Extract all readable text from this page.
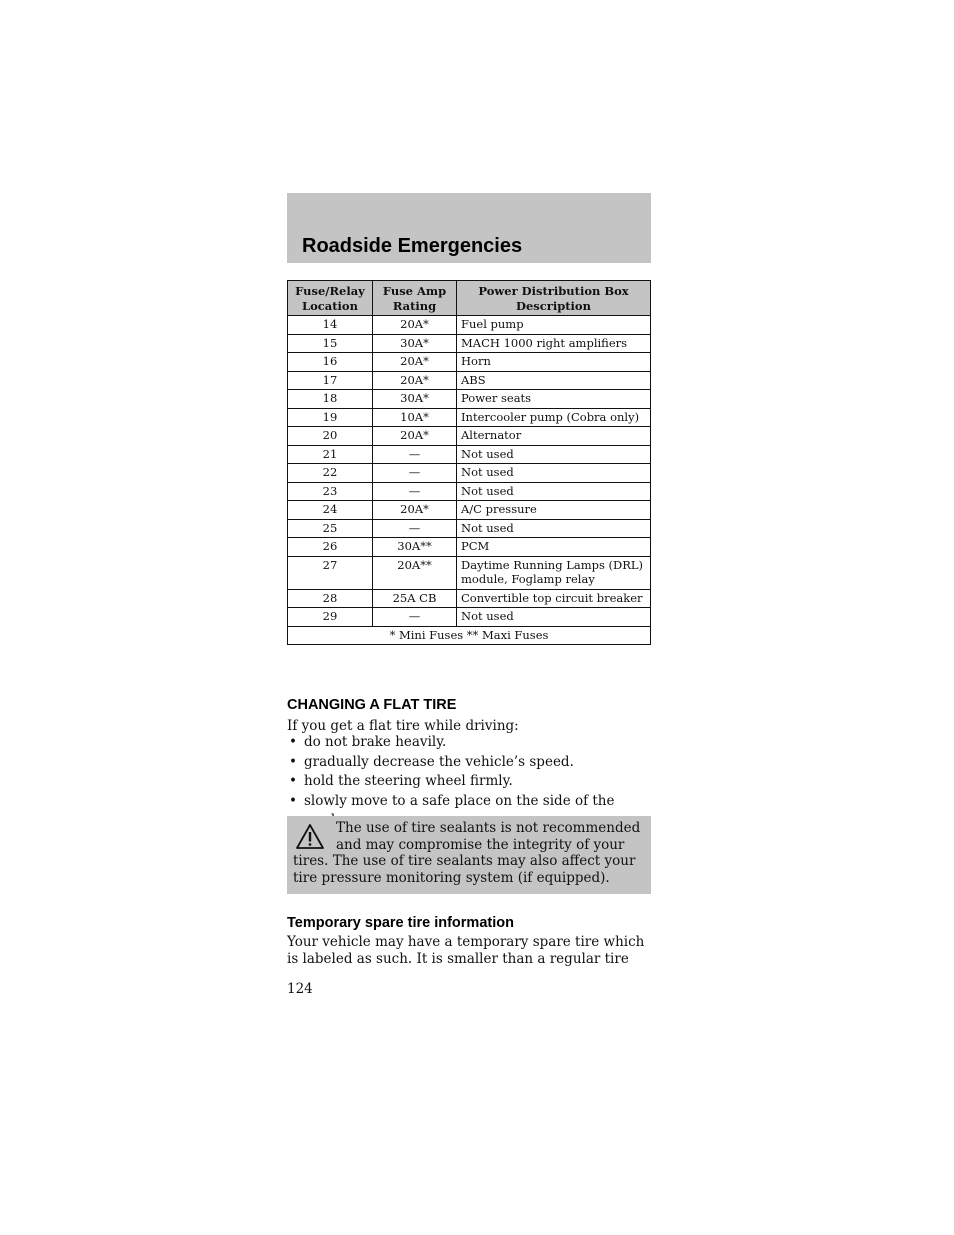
Roadside Emergencies
Fuse/Relay Location	Fuse Amp Rating	Power Distribution Box Description
14	20A*	Fuel pump
15	30A*	MACH 1000 right amplifiers
16	20A*	Horn
17	20A*	ABS
18	30A*	Power seats
19	10A*	Intercooler pump (Cobra only)
20	20A*	Alternator
21	—	Not used
22	—	Not used
23	—	Not used
24	20A*	A/C pressure
25	—	Not used
26	30A**	PCM
27	20A**	Daytime Running Lamps (DRL) module, Foglamp relay
28	25A CB	Convertible top circuit breaker
29	—	Not used
* Mini Fuses ** Maxi Fuses		
CHANGING A FLAT TIRE

If you get a flat tire while driving:

• do not brake heavily.
• gradually decrease the vehicle’s speed.
• hold the steering wheel firmly.
• slowly move to a safe place on the side of the

The use of tire sealants is not recommended and may compromise the integrity of your tires. The use of tire sealants may also affect your tire pressure monitoring system (if equipped).

Temporary spare tire information

Your vehicle may have a temporary spare tire which is labeled as such. It is smaller than a regular tire

124
